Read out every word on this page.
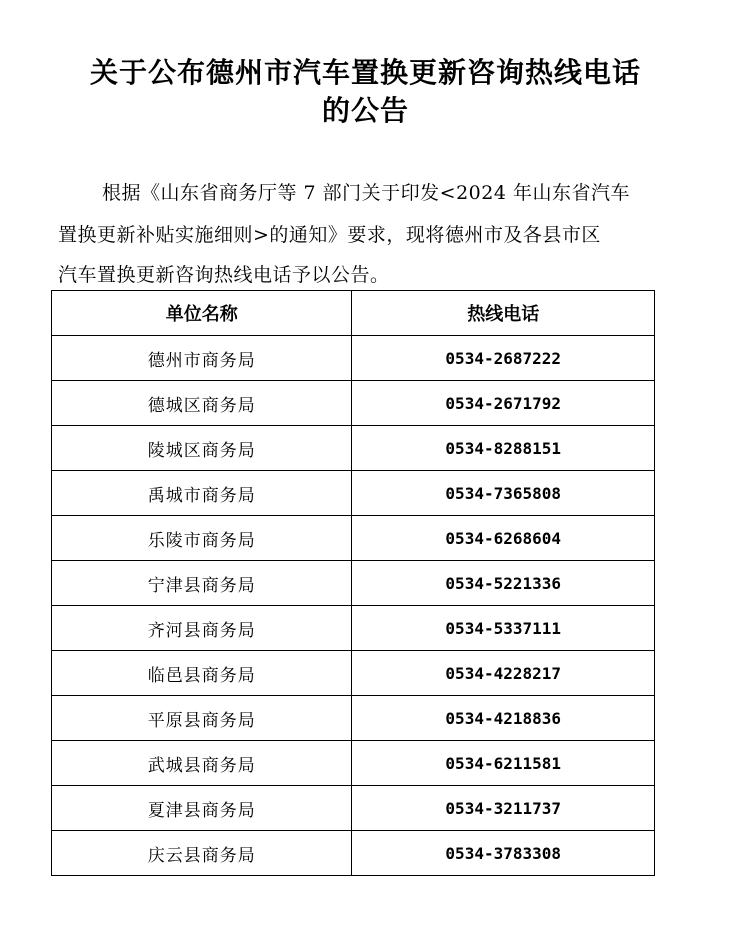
关于公布德州市汽车置换更新咨询热线电话
的公告
根据《山东省商务厅等 7 部门关于印发<2024 年山东省汽车
置换更新补贴实施细则>的通知》要求，现将德州市及各县市区
汽车置换更新咨询热线电话予以公告。
单位名称	热线电话
德州市商务局	0534-2687222
德城区商务局	0534-2671792
陵城区商务局	0534-8288151
禹城市商务局	0534-7365808
乐陵市商务局	0534-6268604
宁津县商务局	0534-5221336
齐河县商务局	0534-5337111
临邑县商务局	0534-4228217
平原县商务局	0534-4218836
武城县商务局	0534-6211581
夏津县商务局	0534-3211737
庆云县商务局	0534-3783308
